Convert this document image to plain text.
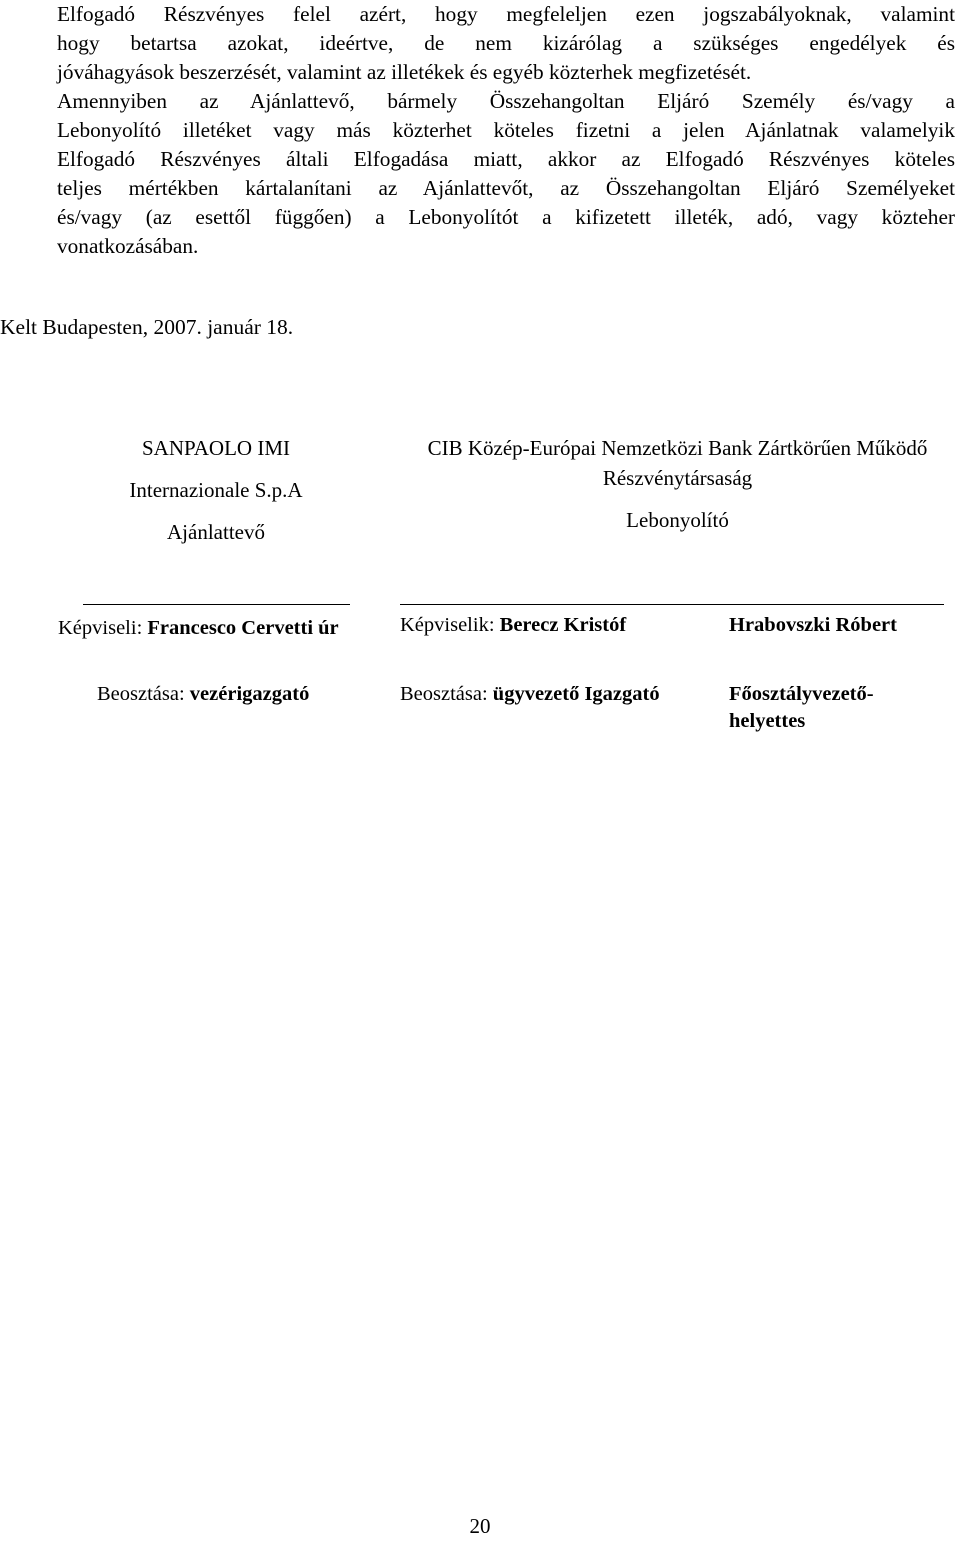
Elfogadó Részvényes felel azért, hogy megfeleljen ezen jogszabályoknak, valamint
hogy betartsa azokat, ideértve, de nem kizárólag a szükséges engedélyek és
jóváhagyások beszerzését, valamint az illetékek és egyéb közterhek megfizetését.
Amennyiben az Ajánlattevő, bármely Összehangoltan Eljáró Személy és/vagy a
Lebonyolító illetéket vagy más közterhet köteles fizetni a jelen Ajánlatnak valamelyik
Elfogadó Részvényes általi Elfogadása miatt, akkor az Elfogadó Részvényes köteles
teljes mértékben kártalanítani az Ajánlattevőt, az Összehangoltan Eljáró Személyeket
és/vagy (az esettől függően) a Lebonyolítót a kifizetett illeték, adó, vagy közteher
vonatkozásában.
Kelt Budapesten, 2007. január 18.
SANPAOLO IMI
Internazionale S.p.A
Ajánlattevő
CIB Közép-Európai Nemzetközi Bank Zártkörűen Működő
Részvénytársaság
Lebonyolító
Képviseli: Francesco Cervetti úr	Képviselik: Berecz Kristóf	Hrabovszki Róbert
Beosztása: vezérigazgató	Beosztása: ügyvezető Igazgató	Főosztályvezető-
helyettes
20
